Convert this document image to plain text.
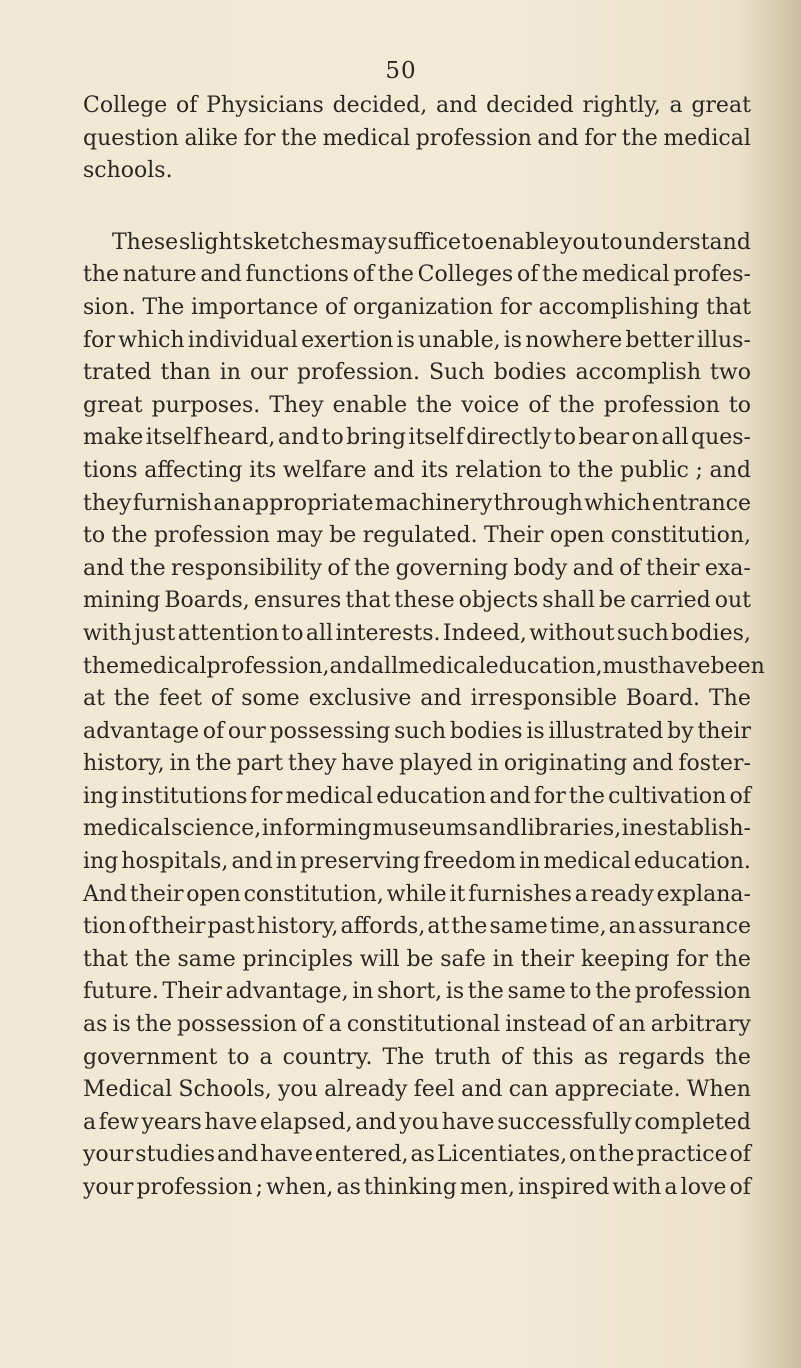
50
College of Physicians decided, and decided rightly, a great
question alike for the medical profession and for the medical
schools.
These slight sketches may suffice to enable you to understand
the nature and functions of the Colleges of the medical profes-
sion. The importance of organization for accomplishing that
for which individual exertion is unable, is nowhere better illus-
trated than in our profession. Such bodies accomplish two
great purposes. They enable the voice of the profession to
make itself heard, and to bring itself directly to bear on all ques-
tions affecting its welfare and its relation to the public ; and
they furnish an appropriate machinery through which entrance
to the profession may be regulated. Their open constitution,
and the responsibility of the governing body and of their exa-
mining Boards, ensures that these objects shall be carried out
with just attention to all interests. Indeed, without such bodies,
the medical profession, and all medical education, must have been
at the feet of some exclusive and irresponsible Board. The
advantage of our possessing such bodies is illustrated by their
history, in the part they have played in originating and foster-
ing institutions for medical education and for the cultivation of
medical science, in forming museums and libraries, in establish-
ing hospitals, and in preserving freedom in medical education.
And their open constitution, while it furnishes a ready explana-
tion of their past history, affords, at the same time, an assurance
that the same principles will be safe in their keeping for the
future. Their advantage, in short, is the same to the profession
as is the possession of a constitutional instead of an arbitrary
government to a country. The truth of this as regards the
Medical Schools, you already feel and can appreciate. When
a few years have elapsed, and you have successfully completed
your studies and have entered, as Licentiates, on the practice of
your profession ; when, as thinking men, inspired with a love of
